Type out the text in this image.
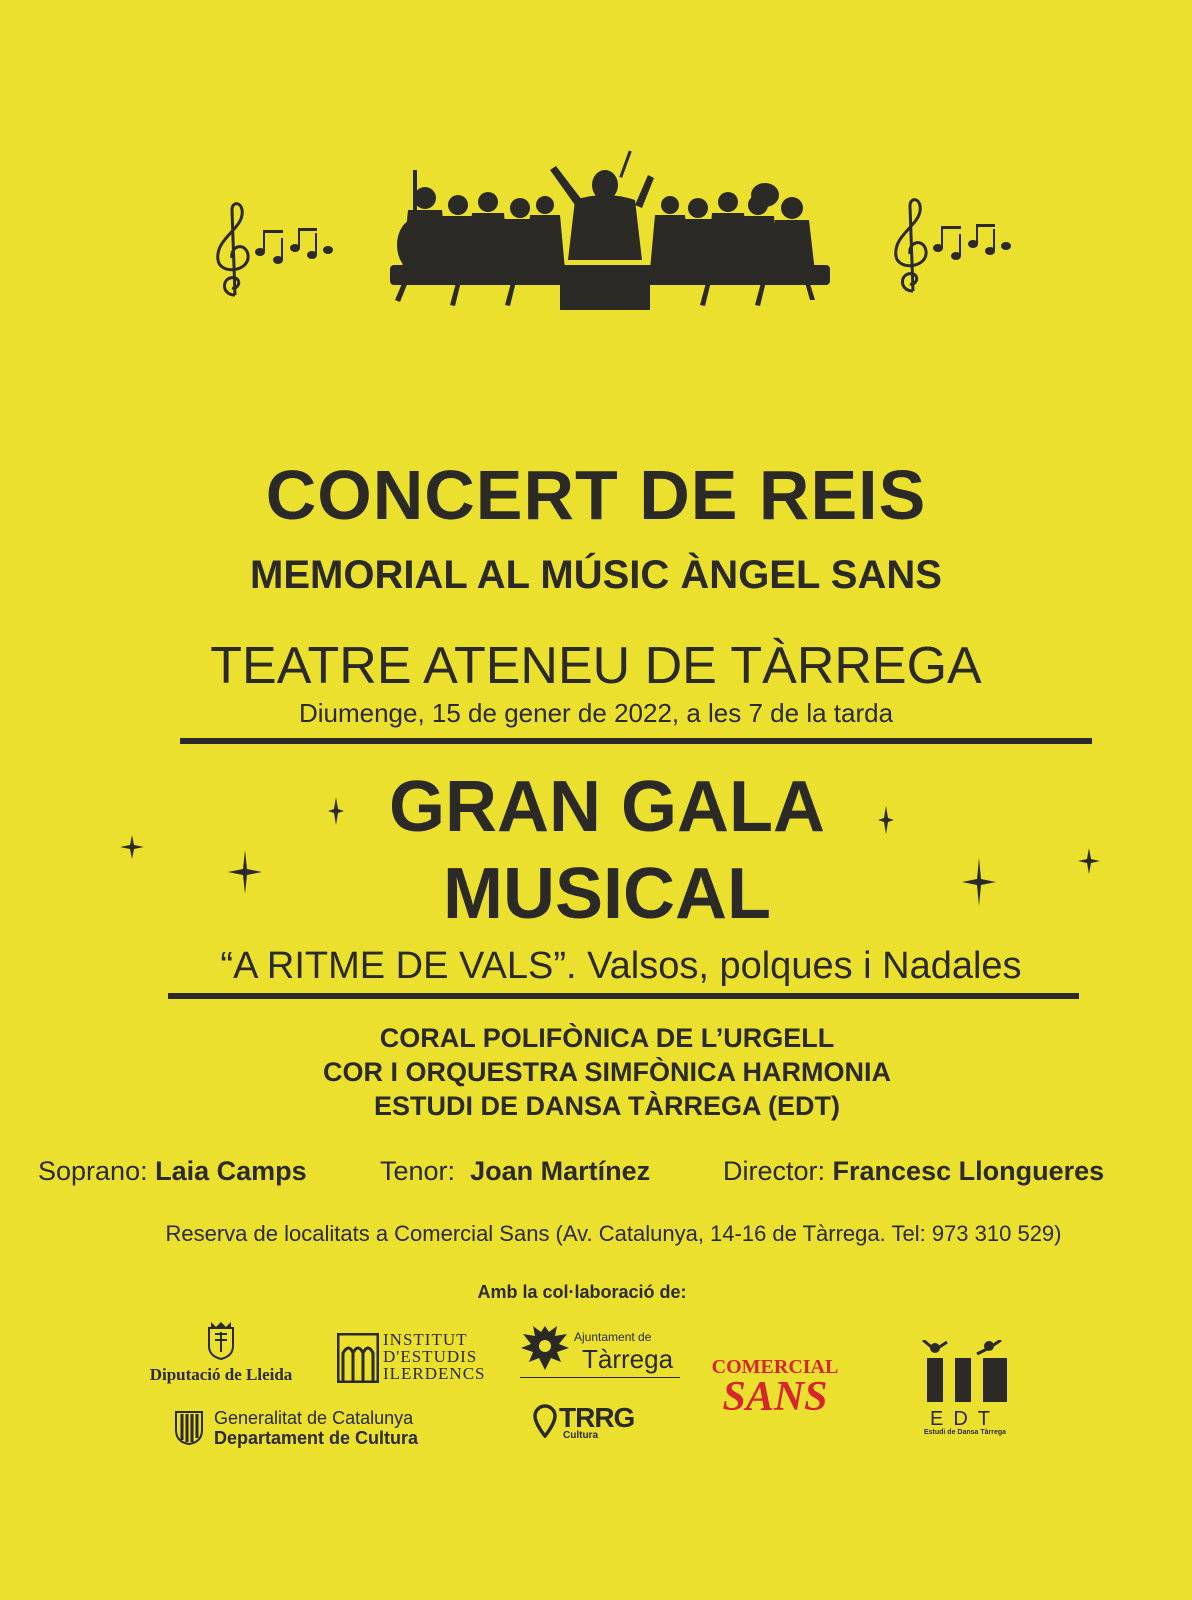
CONCERT DE REIS
MEMORIAL AL MÚSIC ÀNGEL SANS
TEATRE ATENEU DE TÀRREGA
Diumenge, 15 de gener de 2022, a les 7 de la tarda
GRAN GALA
MUSICAL
“A RITME DE VALS”. Valsos, polques i Nadales
CORAL POLIFÒNICA DE L’URGELL
COR I ORQUESTRA SIMFÒNICA HARMONIA
ESTUDI DE DANSA TÀRREGA (EDT)
Soprano: Laia Camps	Tenor: Joan Martínez	Director: Francesc Llongueres
Reserva de localitats a Comercial Sans (Av. Catalunya, 14-16 de Tàrrega. Tel: 973 310 529)
Amb la col·laboració de:
Diputació de Lleida
INSTITUT
D'ESTUDIS
ILERDENCS
Generalitat de Catalunya
Departament de Cultura
Ajuntament de
Tàrrega
TRRG
Cultura
COMERCIAL
SANS	EDT
Estudi de Dansa Tàrrega
